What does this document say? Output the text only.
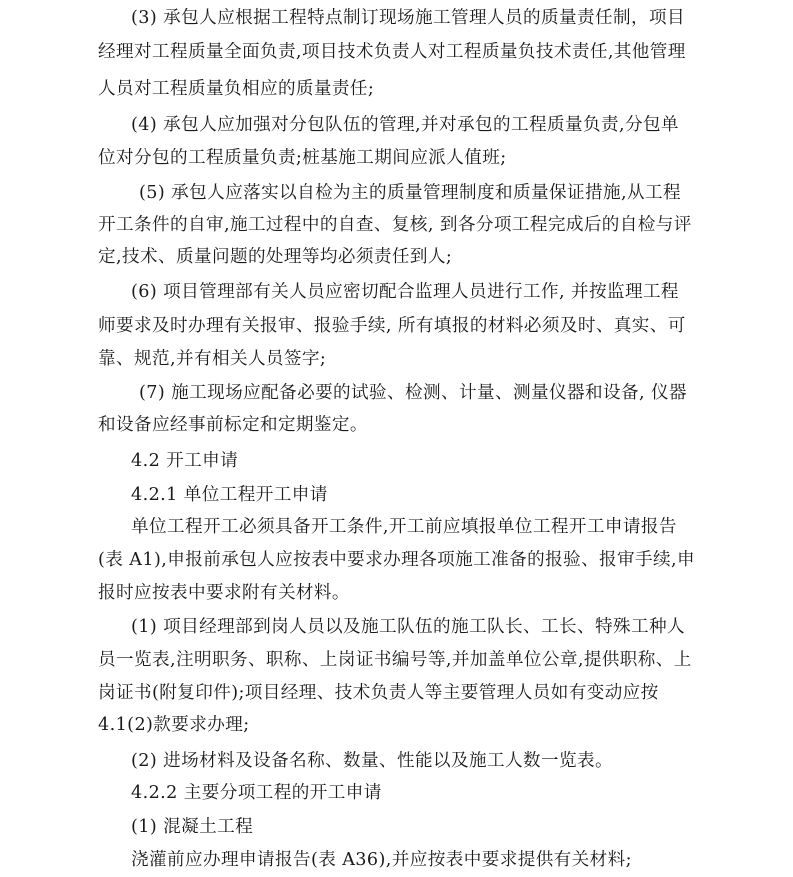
(3) 承包人应根据工程特点制订现场施工管理人员的质量责任制，项目
经理对工程质量全面负责,项目技术负责人对工程质量负技术责任,其他管理
人员对工程质量负相应的质量责任;
(4) 承包人应加强对分包队伍的管理,并对承包的工程质量负责,分包单
位对分包的工程质量负责;桩基施工期间应派人值班;
(5) 承包人应落实以自检为主的质量管理制度和质量保证措施,从工程
开工条件的自审,施工过程中的自查、复核, 到各分项工程完成后的自检与评
定,技术、质量问题的处理等均必须责任到人;
(6) 项目管理部有关人员应密切配合监理人员进行工作, 并按监理工程
师要求及时办理有关报审、报验手续, 所有填报的材料必须及时、真实、可
靠、规范,并有相关人员签字;
(7) 施工现场应配备必要的试验、检测、计量、测量仪器和设备, 仪器
和设备应经事前标定和定期鉴定。
4.2 开工申请
4.2.1 单位工程开工申请
单位工程开工必须具备开工条件,开工前应填报单位工程开工申请报告
(表 A1),申报前承包人应按表中要求办理各项施工准备的报验、报审手续,申
报时应按表中要求附有关材料。
(1) 项目经理部到岗人员以及施工队伍的施工队长、工长、特殊工种人
员一览表,注明职务、职称、上岗证书编号等,并加盖单位公章,提供职称、上
岗证书(附复印件);项目经理、技术负责人等主要管理人员如有变动应按
4.1(2)款要求办理;
(2) 进场材料及设备名称、数量、性能以及施工人数一览表。
4.2.2 主要分项工程的开工申请
(1) 混凝土工程
浇灌前应办理申请报告(表 A36),并应按表中要求提供有关材料;
